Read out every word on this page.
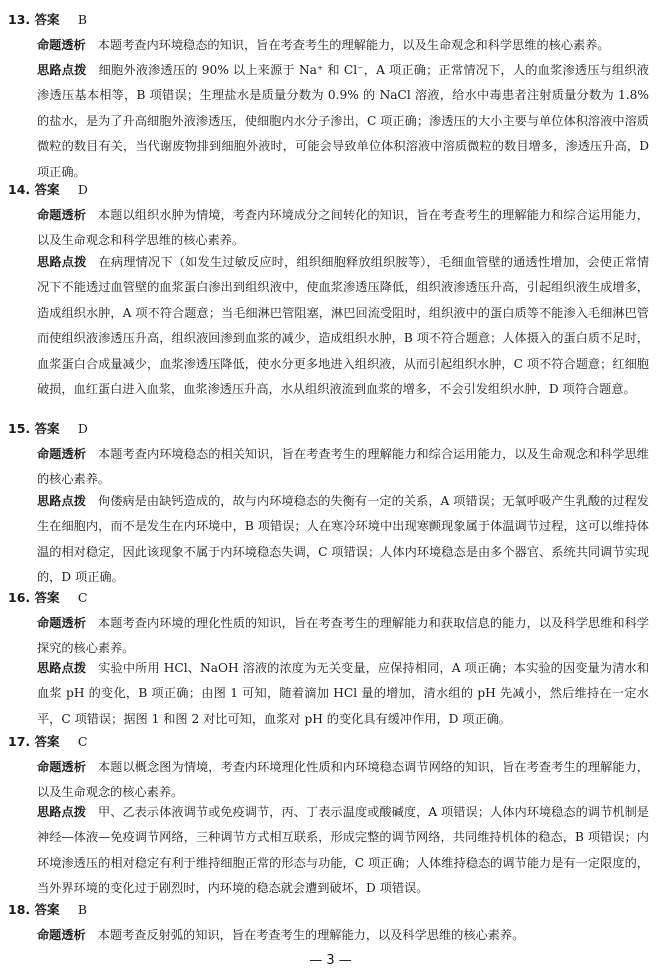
13. 答案 B
命题透析 本题考查内环境稳态的知识，旨在考查考生的理解能力，以及生命观念和科学思维的核心素养。
思路点拨 细胞外液渗透压的 90% 以上来源于 Na⁺ 和 Cl⁻，A 项正确；正常情况下，人的血浆渗透压与组织液渗透压基本相等，B 项错误；生理盐水是质量分数为 0.9% 的 NaCl 溶液，给水中毒患者注射质量分数为 1.8% 的盐水，是为了升高细胞外液渗透压，使细胞内水分子渗出，C 项正确；渗透压的大小主要与单位体积溶液中溶质微粒的数目有关，当代谢废物排到细胞外液时，可能会导致单位体积溶液中溶质微粒的数目增多，渗透压升高，D 项正确。
14. 答案 D
命题透析 本题以组织水肿为情境，考查内环境成分之间转化的知识，旨在考查考生的理解能力和综合运用能力，以及生命观念和科学思维的核心素养。
思路点拨 在病理情况下（如发生过敏反应时，组织细胞释放组织胺等），毛细血管壁的通透性增加，会使正常情况下不能透过血管壁的血浆蛋白渗出到组织液中，使血浆渗透压降低，组织液渗透压升高，引起组织液生成增多，造成组织水肿，A 项不符合题意；当毛细淋巴管阻塞，淋巴回流受阻时，组织液中的蛋白质等不能渗入毛细淋巴管而使组织液渗透压升高，组织液回渗到血浆的减少，造成组织水肿，B 项不符合题意；人体摄入的蛋白质不足时，血浆蛋白合成量减少，血浆渗透压降低，使水分更多地进入组织液，从而引起组织水肿，C 项不符合题意；红细胞破损，血红蛋白进入血浆，血浆渗透压升高，水从组织液流到血浆的增多，不会引发组织水肿，D 项符合题意。
15. 答案 D
命题透析 本题考查内环境稳态的相关知识，旨在考查考生的理解能力和综合运用能力，以及生命观念和科学思维的核心素养。
思路点拨 佝偻病是由缺钙造成的，故与内环境稳态的失衡有一定的关系，A 项错误；无氧呼吸产生乳酸的过程发生在细胞内，而不是发生在内环境中，B 项错误；人在寒冷环境中出现寒颤现象属于体温调节过程，这可以维持体温的相对稳定，因此该现象不属于内环境稳态失调，C 项错误；人体内环境稳态是由多个器官、系统共同调节实现的，D 项正确。
16. 答案 C
命题透析 本题考查内环境的理化性质的知识，旨在考查考生的理解能力和获取信息的能力，以及科学思维和科学探究的核心素养。
思路点拨 实验中所用 HCl、NaOH 溶液的浓度为无关变量，应保持相同，A 项正确；本实验的因变量为清水和血浆 pH 的变化，B 项正确；由图 1 可知，随着滴加 HCl 量的增加，清水组的 pH 先减小，然后维持在一定水平，C 项错误；据图 1 和图 2 对比可知，血浆对 pH 的变化具有缓冲作用，D 项正确。
17. 答案 C
命题透析 本题以概念图为情境，考查内环境理化性质和内环境稳态调节网络的知识，旨在考查考生的理解能力，以及生命观念的核心素养。
思路点拨 甲、乙表示体液调节或免疫调节，丙、丁表示温度或酸碱度，A 项错误；人体内环境稳态的调节机制是神经—体液—免疫调节网络，三种调节方式相互联系，形成完整的调节网络，共同维持机体的稳态，B 项错误；内环境渗透压的相对稳定有利于维持细胞正常的形态与功能，C 项正确；人体维持稳态的调节能力是有一定限度的，当外界环境的变化过于剧烈时，内环境的稳态就会遭到破坏，D 项错误。
18. 答案 B
命题透析 本题考查反射弧的知识，旨在考查考生的理解能力，以及科学思维的核心素养。
— 3 —
